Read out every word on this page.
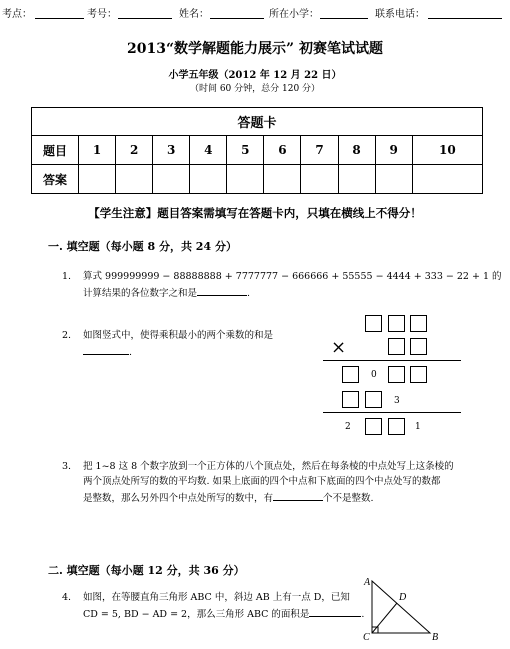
考点：	考号：	姓名：	所在小学：	联系电话：
2013“数学解题能力展示” 初赛笔试试题
小学五年级（2012 年 12 月 22 日）
（时间 60 分钟，总分 120 分）
答题卡										
题目	1	2	3	4	5	6	7	8	9	10
答案										
【学生注意】题目答案需填写在答题卡内，只填在横线上不得分！
一. 填空题（每小题 8 分，共 24 分）
1. 算式 999999999 − 88888888 + 7777777 − 666666 + 55555 − 4444 + 333 − 22 + 1 的
计算结果的各位数字之和是	.
2. 如图竖式中，使得乘积最小的两个乘数的和是
.	×
0
3
2	1
3. 把 1~8 这 8 个数字放到一个正方体的八个顶点处，然后在每条棱的中点处写上这条棱的
两个顶点处所写的数的平均数. 如果上底面的四个中点和下底面的四个中点处写的数都
是整数，那么另外四个中点处所写的数中，有	个不是整数.
二. 填空题（每小题 12 分，共 36 分）
4. 如图，在等腰直角三角形 ABC 中，斜边 AB 上有一点 D，已知
CD = 5, BD − AD = 2，那么三角形 ABC 的面积是	.
A
D
C	B
